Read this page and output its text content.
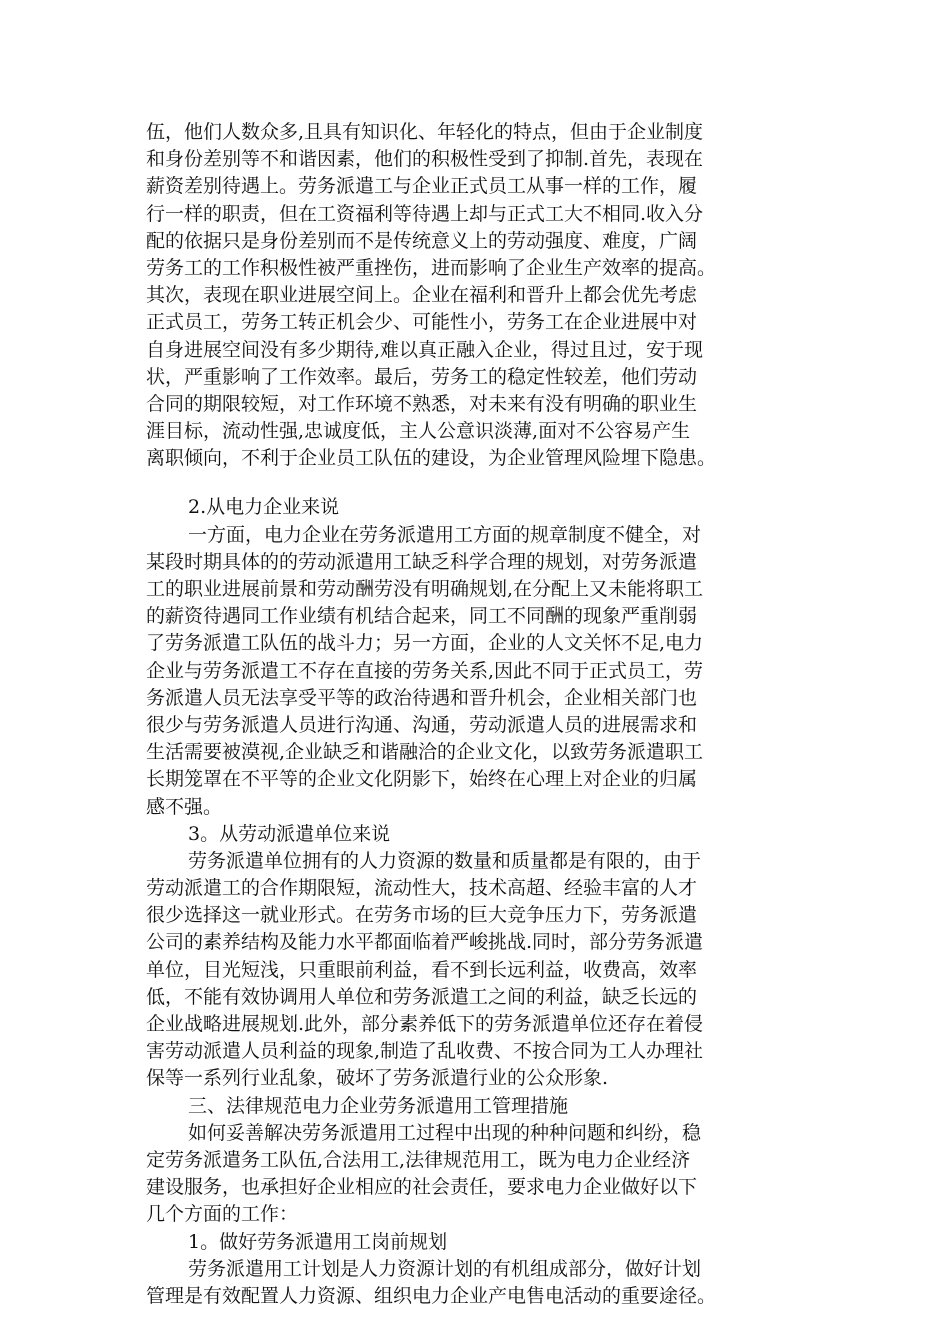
伍，他们人数众多,且具有知识化、年轻化的特点，但由于企业制度
和身份差别等不和谐因素，他们的积极性受到了抑制.首先，表现在
薪资差别待遇上。劳务派遣工与企业正式员工从事一样的工作，履
行一样的职责，但在工资福利等待遇上却与正式工大不相同.收入分
配的依据只是身份差别而不是传统意义上的劳动强度、难度，广阔
劳务工的工作积极性被严重挫伤，进而影响了企业生产效率的提高。
其次，表现在职业进展空间上。企业在福利和晋升上都会优先考虑
正式员工，劳务工转正机会少、可能性小，劳务工在企业进展中对
自身进展空间没有多少期待,难以真正融入企业，得过且过，安于现
状，严重影响了工作效率。最后，劳务工的稳定性较差，他们劳动
合同的期限较短，对工作环境不熟悉，对未来有没有明确的职业生
涯目标，流动性强,忠诚度低，主人公意识淡薄,面对不公容易产生
离职倾向，不利于企业员工队伍的建设，为企业管理风险埋下隐患。
2.从电力企业来说
一方面，电力企业在劳务派遣用工方面的规章制度不健全，对
某段时期具体的的劳动派遣用工缺乏科学合理的规划，对劳务派遣
工的职业进展前景和劳动酬劳没有明确规划,在分配上又未能将职工
的薪资待遇同工作业绩有机结合起来，同工不同酬的现象严重削弱
了劳务派遣工队伍的战斗力；另一方面，企业的人文关怀不足,电力
企业与劳务派遣工不存在直接的劳务关系,因此不同于正式员工，劳
务派遣人员无法享受平等的政治待遇和晋升机会，企业相关部门也
很少与劳务派遣人员进行沟通、沟通，劳动派遣人员的进展需求和
生活需要被漠视,企业缺乏和谐融洽的企业文化，以致劳务派遣职工
长期笼罩在不平等的企业文化阴影下，始终在心理上对企业的归属
感不强。
3。从劳动派遣单位来说
劳务派遣单位拥有的人力资源的数量和质量都是有限的，由于
劳动派遣工的合作期限短，流动性大，技术高超、经验丰富的人才
很少选择这一就业形式。在劳务市场的巨大竞争压力下，劳务派遣
公司的素养结构及能力水平都面临着严峻挑战.同时，部分劳务派遣
单位，目光短浅，只重眼前利益，看不到长远利益，收费高，效率
低，不能有效协调用人单位和劳务派遣工之间的利益，缺乏长远的
企业战略进展规划.此外，部分素养低下的劳务派遣单位还存在着侵
害劳动派遣人员利益的现象,制造了乱收费、不按合同为工人办理社
保等一系列行业乱象，破坏了劳务派遣行业的公众形象.
三、法律规范电力企业劳务派遣用工管理措施
如何妥善解决劳务派遣用工过程中出现的种种问题和纠纷，稳
定劳务派遣务工队伍,合法用工,法律规范用工，既为电力企业经济
建设服务，也承担好企业相应的社会责任，要求电力企业做好以下
几个方面的工作：
1。做好劳务派遣用工岗前规划
劳务派遣用工计划是人力资源计划的有机组成部分，做好计划
管理是有效配置人力资源、组织电力企业产电售电活动的重要途径。
